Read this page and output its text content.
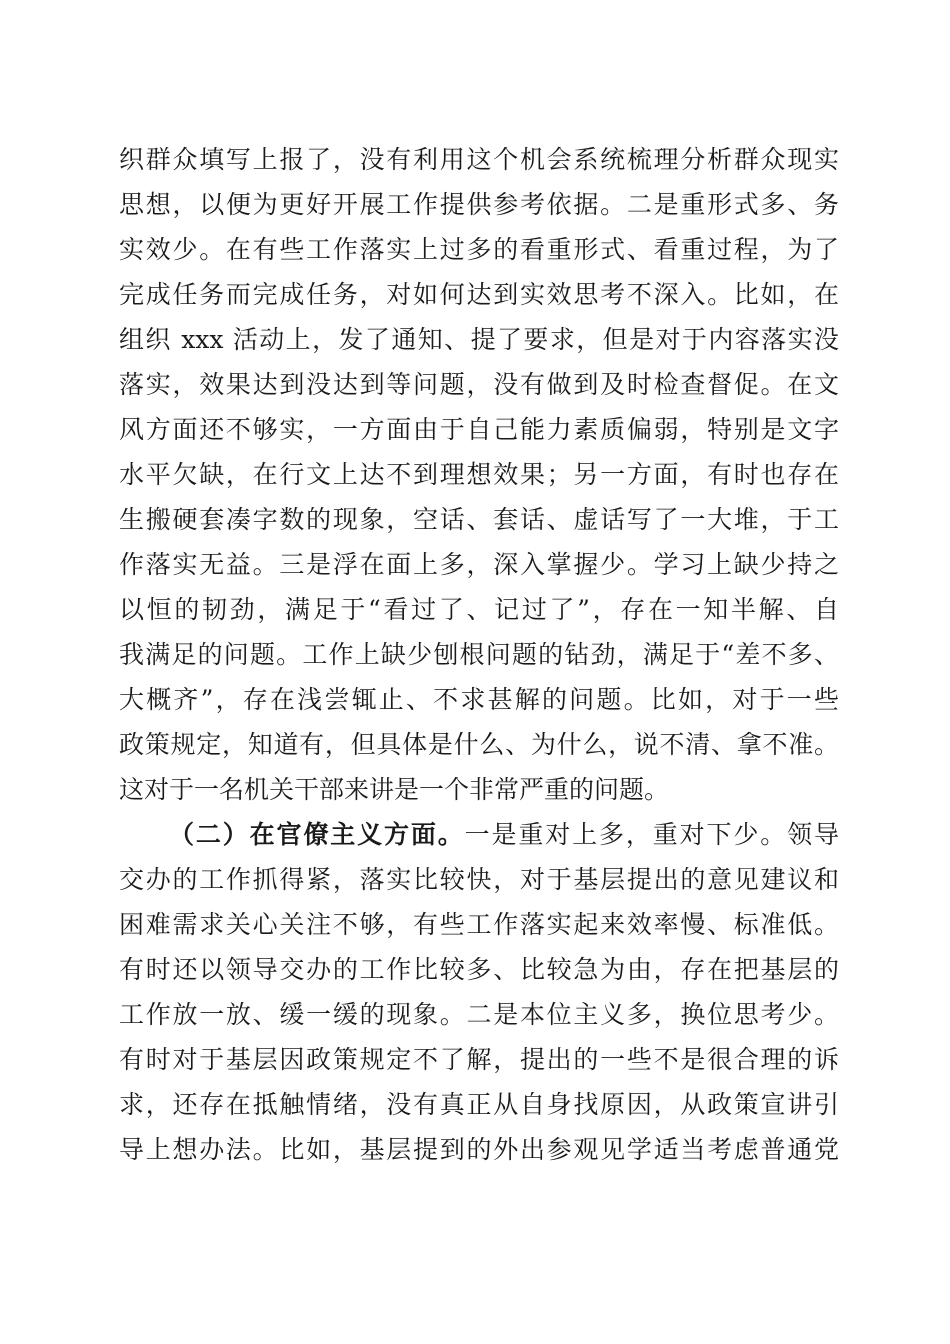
织群众填写上报了，没有利用这个机会系统梳理分析群众现实
思想，以便为更好开展工作提供参考依据。二是重形式多、务
实效少。在有些工作落实上过多的看重形式、看重过程，为了
完成任务而完成任务，对如何达到实效思考不深入。比如，在
组织 xxx 活动上，发了通知、提了要求，但是对于内容落实没
落实，效果达到没达到等问题，没有做到及时检查督促。在文
风方面还不够实，一方面由于自己能力素质偏弱，特别是文字
水平欠缺，在行文上达不到理想效果；另一方面，有时也存在
生搬硬套凑字数的现象，空话、套话、虚话写了一大堆，于工
作落实无益。三是浮在面上多，深入掌握少。学习上缺少持之
以恒的韧劲，满足于“看过了、记过了”，存在一知半解、自
我满足的问题。工作上缺少刨根问题的钻劲，满足于“差不多、
大概齐”，存在浅尝辄止、不求甚解的问题。比如，对于一些
政策规定，知道有，但具体是什么、为什么，说不清、拿不准。
这对于一名机关干部来讲是一个非常严重的问题。
（二）在官僚主义方面。一是重对上多，重对下少。领导
交办的工作抓得紧，落实比较快，对于基层提出的意见建议和
困难需求关心关注不够，有些工作落实起来效率慢、标准低。
有时还以领导交办的工作比较多、比较急为由，存在把基层的
工作放一放、缓一缓的现象。二是本位主义多，换位思考少。
有时对于基层因政策规定不了解，提出的一些不是很合理的诉
求，还存在抵触情绪，没有真正从自身找原因，从政策宣讲引
导上想办法。比如，基层提到的外出参观见学适当考虑普通党
